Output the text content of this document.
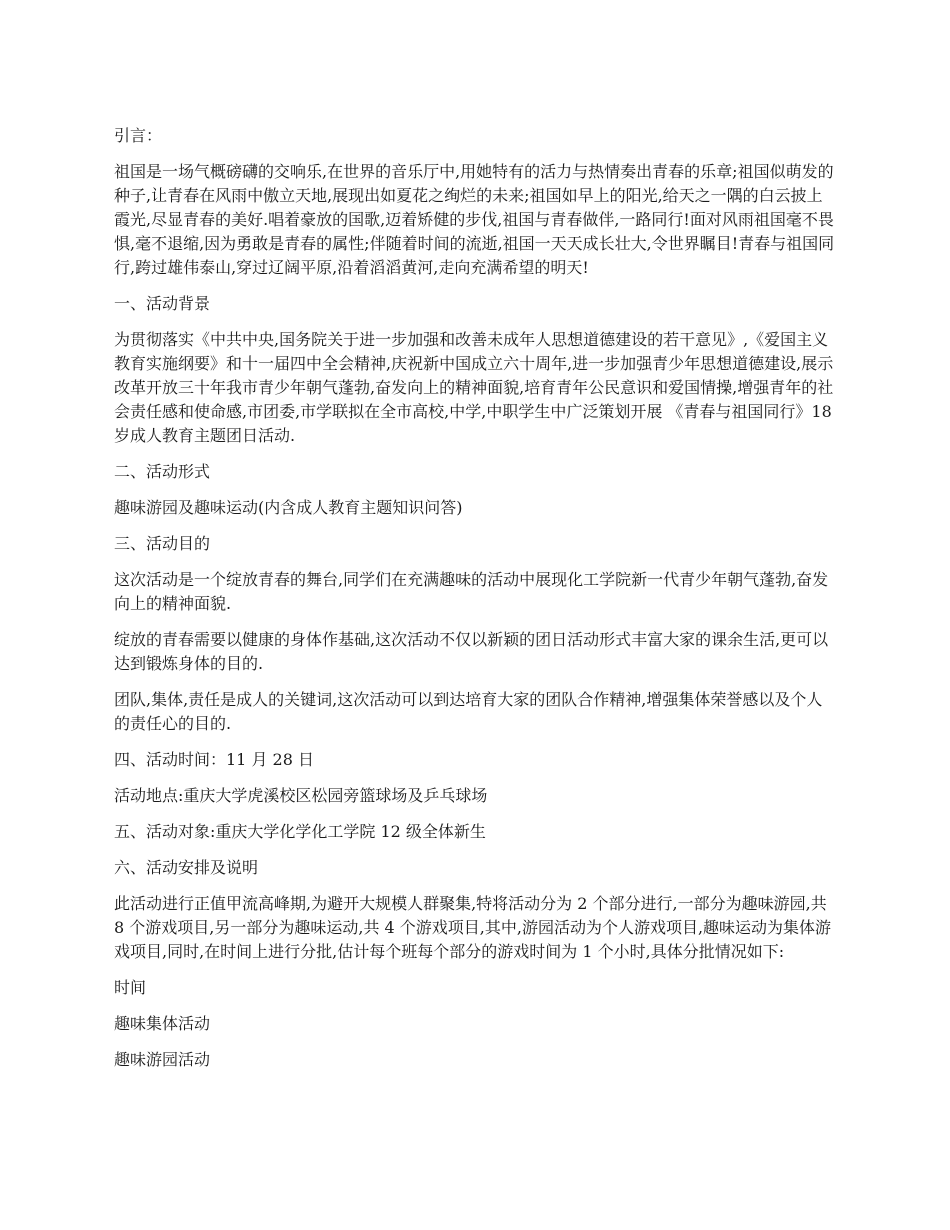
引言：

祖国是一场气概磅礴的交响乐,在世界的音乐厅中,用她特有的活力与热情奏出青春的乐章;祖国似萌发的种子,让青春在风雨中傲立天地,展现出如夏花之绚烂的未来;祖国如早上的阳光,给天之一隅的白云披上霞光,尽显青春的美好.唱着豪放的国歌,迈着矫健的步伐,祖国与青春做伴,一路同行!面对风雨祖国毫不畏惧,毫不退缩,因为勇敢是青春的属性;伴随着时间的流逝,祖国一天天成长壮大,令世界瞩目!青春与祖国同行,跨过雄伟泰山,穿过辽阔平原,沿着滔滔黄河,走向充满希望的明天!

一、活动背景

为贯彻落实《中共中央,国务院关于进一步加强和改善未成年人思想道德建设的若干意见》,《爱国主义教育实施纲要》和十一届四中全会精神,庆祝新中国成立六十周年,进一步加强青少年思想道德建设,展示改革开放三十年我市青少年朝气蓬勃,奋发向上的精神面貌,培育青年公民意识和爱国情操,增强青年的社会责任感和使命感,市团委,市学联拟在全市高校,中学,中职学生中广泛策划开展 《青春与祖国同行》18 岁成人教育主题团日活动.

二、活动形式

趣味游园及趣味运动(内含成人教育主题知识问答)

三、活动目的

这次活动是一个绽放青春的舞台,同学们在充满趣味的活动中展现化工学院新一代青少年朝气蓬勃,奋发向上的精神面貌.

绽放的青春需要以健康的身体作基础,这次活动不仅以新颖的团日活动形式丰富大家的课余生活,更可以达到锻炼身体的目的.

团队,集体,责任是成人的关键词,这次活动可以到达培育大家的团队合作精神,增强集体荣誉感以及个人的责任心的目的.

四、活动时间：11 月 28 日

活动地点:重庆大学虎溪校区松园旁篮球场及乒乓球场

五、活动对象:重庆大学化学化工学院 12 级全体新生

六、活动安排及说明

此活动进行正值甲流高峰期,为避开大规模人群聚集,特将活动分为 2 个部分进行,一部分为趣味游园,共 8 个游戏项目,另一部分为趣味运动,共 4 个游戏项目,其中,游园活动为个人游戏项目,趣味运动为集体游戏项目,同时,在时间上进行分批,估计每个班每个部分的游戏时间为 1 个小时,具体分批情况如下:

时间

趣味集体活动

趣味游园活动
